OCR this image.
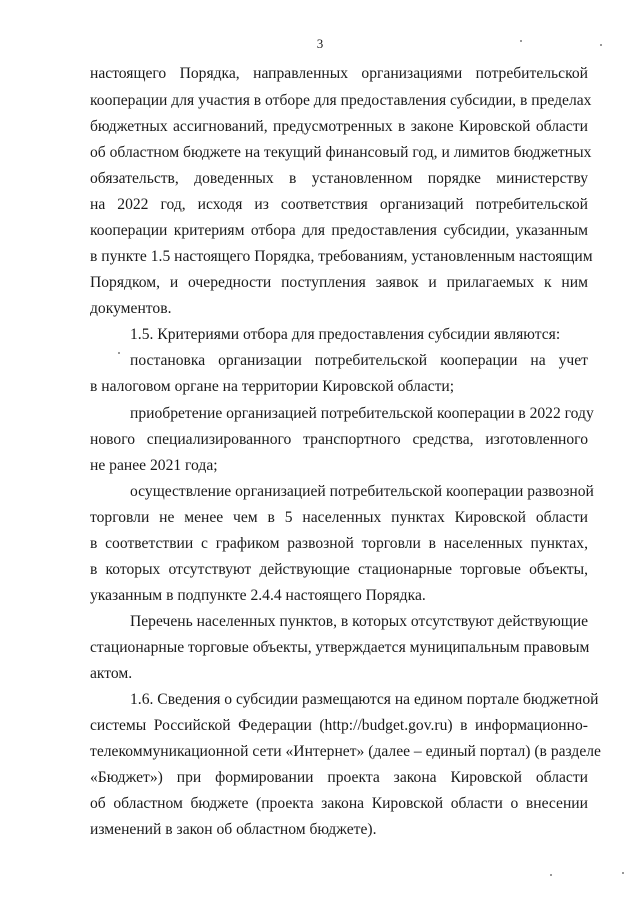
3
настоящего Порядка, направленных организациями потребительской
кооперации для участия в отборе для предоставления субсидии, в пределах
бюджетных ассигнований, предусмотренных в законе Кировской области
об областном бюджете на текущий финансовый год, и лимитов бюджетных
обязательств, доведенных в установленном порядке министерству
на 2022 год, исходя из соответствия организаций потребительской
кооперации критериям отбора для предоставления субсидии, указанным
в пункте 1.5 настоящего Порядка, требованиям, установленным настоящим
Порядком, и очередности поступления заявок и прилагаемых к ним
документов.
1.5. Критериями отбора для предоставления субсидии являются:
постановка организации потребительской кооперации на учет
в налоговом органе на территории Кировской области;
приобретение организацией потребительской кооперации в 2022 году
нового специализированного транспортного средства, изготовленного
не ранее 2021 года;
осуществление организацией потребительской кооперации развозной
торговли не менее чем в 5 населенных пунктах Кировской области
в соответствии с графиком развозной торговли в населенных пунктах,
в которых отсутствуют действующие стационарные торговые объекты,
указанным в подпункте 2.4.4 настоящего Порядка.
Перечень населенных пунктов, в которых отсутствуют действующие
стационарные торговые объекты, утверждается муниципальным правовым
актом.
1.6. Сведения о субсидии размещаются на едином портале бюджетной
системы Российской Федерации (http://budget.gov.ru) в информационно-
телекоммуникационной сети «Интернет» (далее – единый портал) (в разделе
«Бюджет») при формировании проекта закона Кировской области
об областном бюджете (проекта закона Кировской области о внесении
изменений в закон об областном бюджете).
